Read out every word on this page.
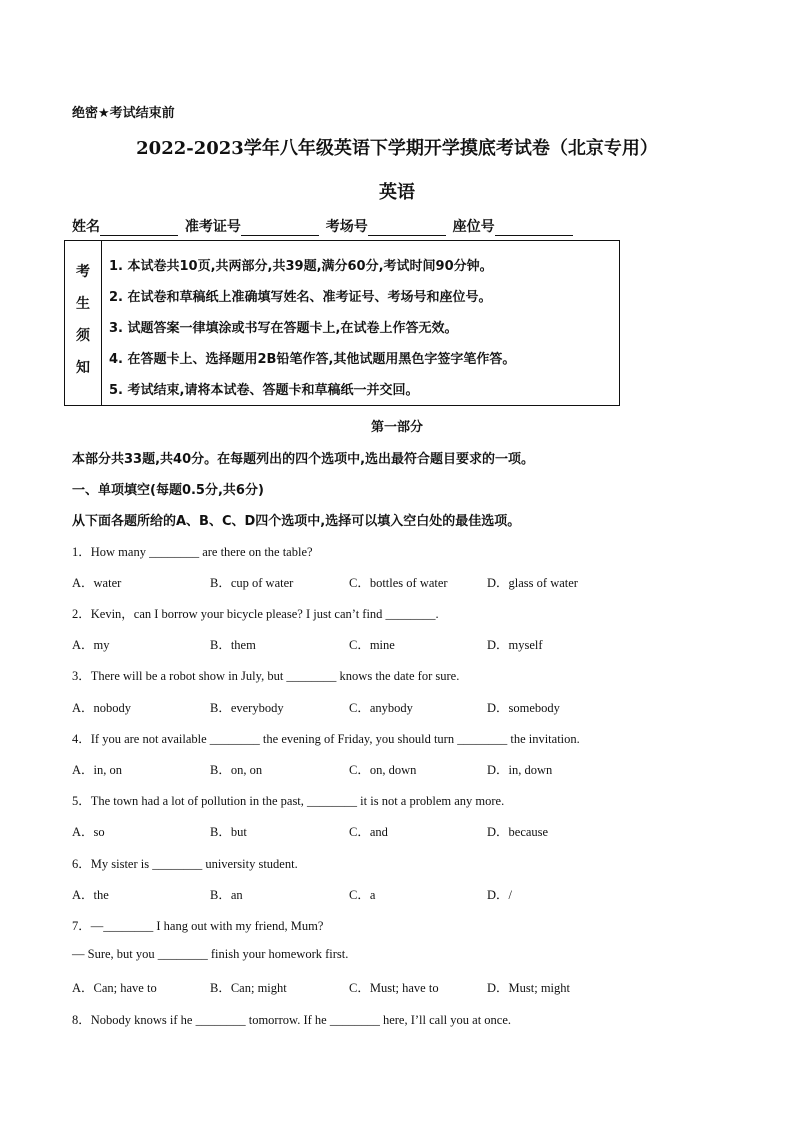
绝密★考试结束前
2022-2023学年八年级英语下学期开学摸底考试卷（北京专用）
英语
姓名	准考证号	考场号	座位号
考
生
须
知
1. 本试卷共10页,共两部分,共39题,满分60分,考试时间90分钟。
2. 在试卷和草稿纸上准确填写姓名、准考证号、考场号和座位号。
3. 试题答案一律填涂或书写在答题卡上,在试卷上作答无效。
4. 在答题卡上、选择题用2B铅笔作答,其他试题用黑色字签字笔作答。
5. 考试结束,请将本试卷、答题卡和草稿纸一并交回。
第一部分
本部分共33题,共40分。在每题列出的四个选项中,选出最符合题目要求的一项。
一、单项填空(每题0.5分,共6分)
从下面各题所给的A、B、C、D四个选项中,选择可以填入空白处的最佳选项。
1．How many ________ are there on the table?
A．water	B．cup of water	C．bottles of water	D．glass of water
2．Kevin，can I borrow your bicycle please? I just can’t find ________.
A．my	B．them	C．mine	D．myself
3．There will be a robot show in July, but ________ knows the date for sure.
A．nobody	B．everybody	C．anybody	D．somebody
4．If you are not available ________ the evening of Friday, you should turn ________ the invitation.
A．in, on	B．on, on	C．on, down	D．in, down
5．The town had a lot of pollution in the past, ________ it is not a problem any more.
A．so	B．but	C．and	D．because
6．My sister is ________ university student.
A．the	B．an	C．a	D．/
7．—________ I hang out with my friend, Mum?
— Sure, but you ________ finish your homework first.
A．Can; have to	B．Can; might	C．Must; have to	D．Must; might
8．Nobody knows if he ________ tomorrow. If he ________ here, I’ll call you at once.
